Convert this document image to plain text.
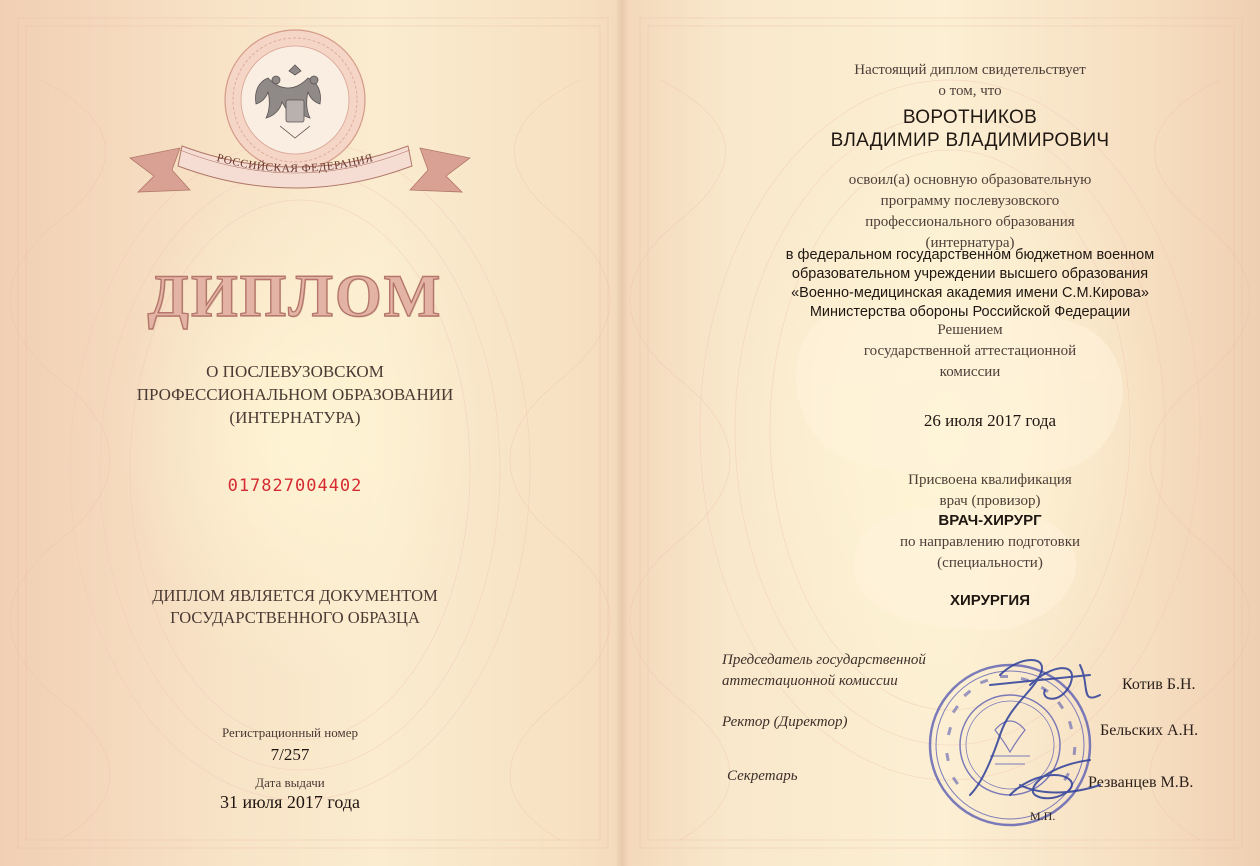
РОССИЙСКАЯ ФЕДЕРАЦИЯ
ДИПЛОМ
О ПОСЛЕВУЗОВСКОМ
ПРОФЕССИОНАЛЬНОМ ОБРАЗОВАНИИ
(ИНТЕРНАТУРА)
017827004402
ДИПЛОМ ЯВЛЯЕТСЯ ДОКУМЕНТОМ
ГОСУДАРСТВЕННОГО ОБРАЗЦА
Регистрационный номер
7/257
Дата выдачи
31 июля 2017 года
Настоящий диплом свидетельствует
о том, что
ВОРОТНИКОВ
ВЛАДИМИР ВЛАДИМИРОВИЧ
освоил(а) основную образовательную
программу послевузовского
профессионального образования
(интернатура)
в федеральном государственном бюджетном военном
образовательном учреждении высшего образования
«Военно-медицинская академия имени С.М.Кирова»
Министерства обороны Российской Федерации
Решением
государственной аттестационной
комиссии
26 июля 2017 года
Присвоена квалификация
врач (провизор)
ВРАЧ-ХИРУРГ
по направлению подготовки
(специальности)
ХИРУРГИЯ
Председатель государственной
аттестационной комиссии	Котив Б.Н.
Ректор (Директор)	Бельских А.Н.
Секретарь	Резванцев М.В.
М.П.
